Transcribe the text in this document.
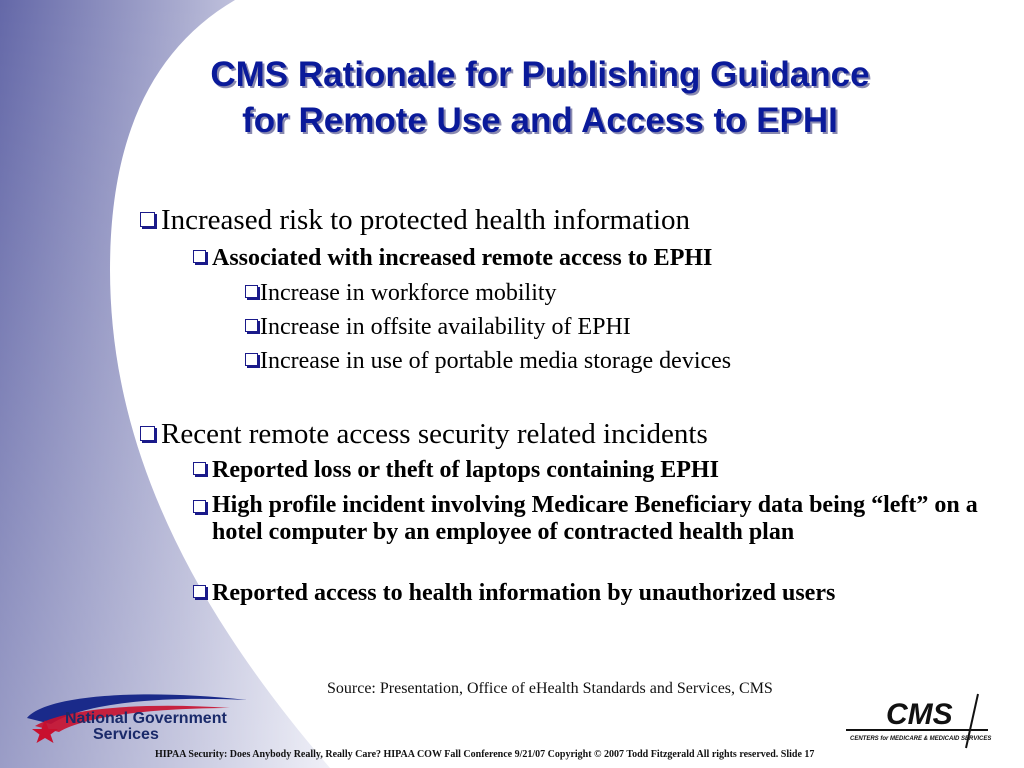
CMS Rationale for Publishing Guidance
for Remote Use and Access to EPHI
Increased risk to protected health information
Associated with increased remote access to EPHI
Increase in workforce mobility
Increase in offsite availability of EPHI
Increase in use of portable media storage devices
Recent remote access security related incidents
Reported loss or theft of laptops containing EPHI
High profile incident involving Medicare Beneficiary data being “left” on a hotel computer by an employee of contracted health plan
Reported access to health information by unauthorized users
Source: Presentation, Office of eHealth Standards and Services, CMS
National Government
Services
CMS
CENTERS for MEDICARE & MEDICAID SERVICES
HIPAA Security: Does Anybody Really, Really Care? HIPAA COW Fall Conference 9/21/07 Copyright © 2007 Todd Fitzgerald All rights reserved. Slide 17
